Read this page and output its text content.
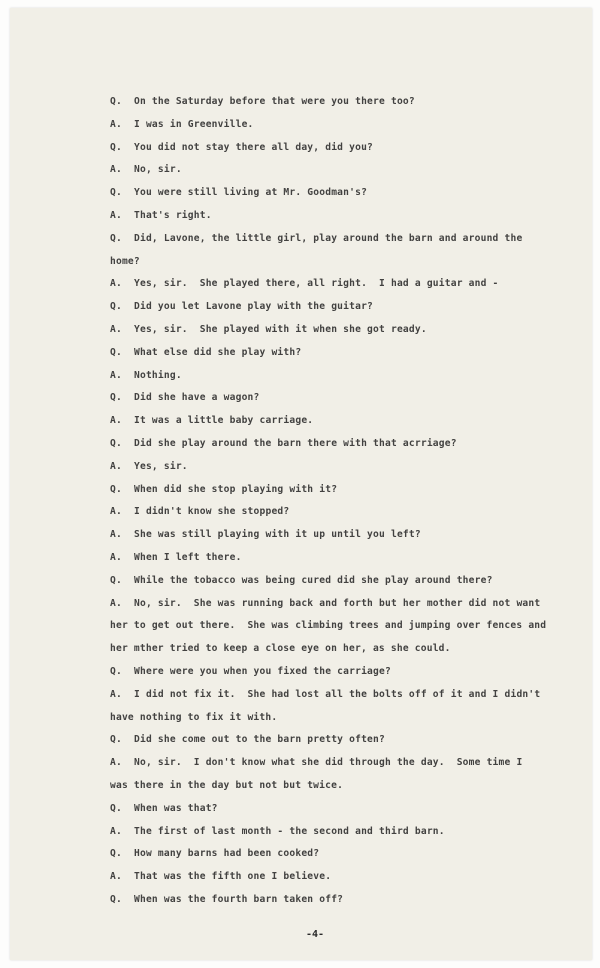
Q. On the Saturday before that were you there too?
A. I was in Greenville.
Q. You did not stay there all day, did you?
A. No, sir.
Q. You were still living at Mr. Goodman's?
A. That's right.
Q. Did, Lavone, the little girl, play around the barn and around the
home?
A. Yes, sir.  She played there, all right.  I had a guitar and -
Q. Did you let Lavone play with the guitar?
A. Yes, sir.  She played with it when she got ready.
Q. What else did she play with?
A. Nothing.
Q. Did she have a wagon?
A. It was a little baby carriage.
Q. Did she play around the barn there with that acrriage?
A. Yes, sir.
Q. When did she stop playing with it?
A. I didn't know she stopped?
A. She was still playing with it up until you left?
A. When I left there.
Q. While the tobacco was being cured did she play around there?
A. No, sir.  She was running back and forth but her mother did not want
her to get out there.  She was climbing trees and jumping over fences and
her mther tried to keep a close eye on her, as she could.
Q. Where were you when you fixed the carriage?
A. I did not fix it.  She had lost all the bolts off of it and I didn't
have nothing to fix it with.
Q. Did she come out to the barn pretty often?
A. No, sir.  I don't know what she did through the day.  Some time I
was there in the day but not but twice.
Q. When was that?
A. The first of last month - the second and third barn.
Q. How many barns had been cooked?
A. That was the fifth one I believe.
Q. When was the fourth barn taken off?
-4-
